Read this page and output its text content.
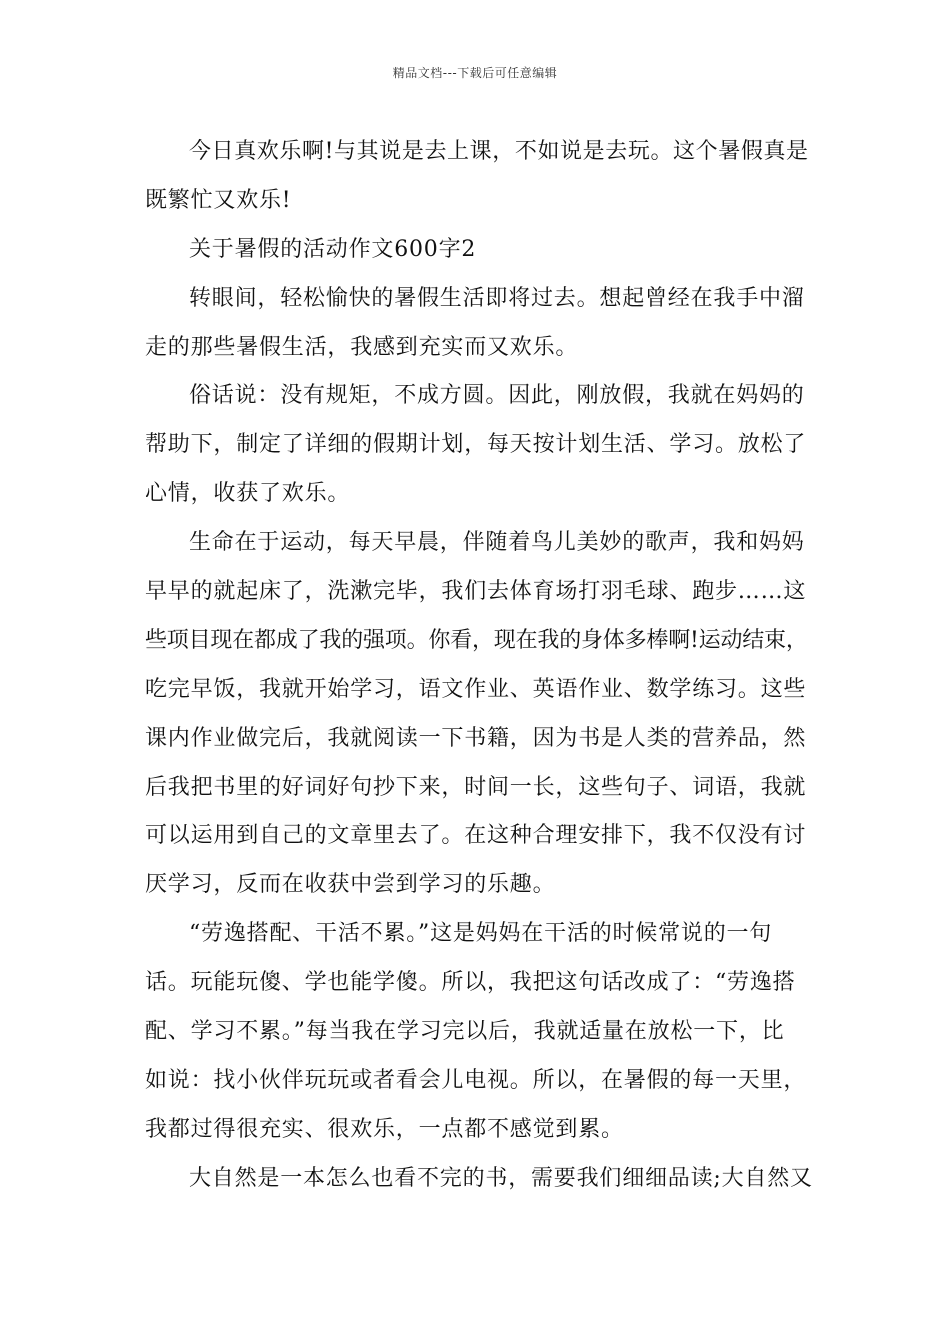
精品文档---下载后可任意编辑
今日真欢乐啊!与其说是去上课，不如说是去玩。这个暑假真是
既繁忙又欢乐!
关于暑假的活动作文600字2
转眼间，轻松愉快的暑假生活即将过去。想起曾经在我手中溜
走的那些暑假生活，我感到充实而又欢乐。
俗话说：没有规矩，不成方圆。因此，刚放假，我就在妈妈的
帮助下，制定了详细的假期计划，每天按计划生活、学习。放松了
心情，收获了欢乐。
生命在于运动，每天早晨，伴随着鸟儿美妙的歌声，我和妈妈
早早的就起床了，洗漱完毕，我们去体育场打羽毛球、跑步……这
些项目现在都成了我的强项。你看，现在我的身体多棒啊!运动结束，
吃完早饭，我就开始学习，语文作业、英语作业、数学练习。这些
课内作业做完后，我就阅读一下书籍，因为书是人类的营养品，然
后我把书里的好词好句抄下来，时间一长，这些句子、词语，我就
可以运用到自己的文章里去了。在这种合理安排下，我不仅没有讨
厌学习，反而在收获中尝到学习的乐趣。
“劳逸搭配、干活不累。”这是妈妈在干活的时候常说的一句
话。玩能玩傻、学也能学傻。所以，我把这句话改成了：“劳逸搭
配、学习不累。”每当我在学习完以后，我就适量在放松一下，比
如说：找小伙伴玩玩或者看会儿电视。所以，在暑假的每一天里，
我都过得很充实、很欢乐，一点都不感觉到累。
大自然是一本怎么也看不完的书，需要我们细细品读;大自然又
